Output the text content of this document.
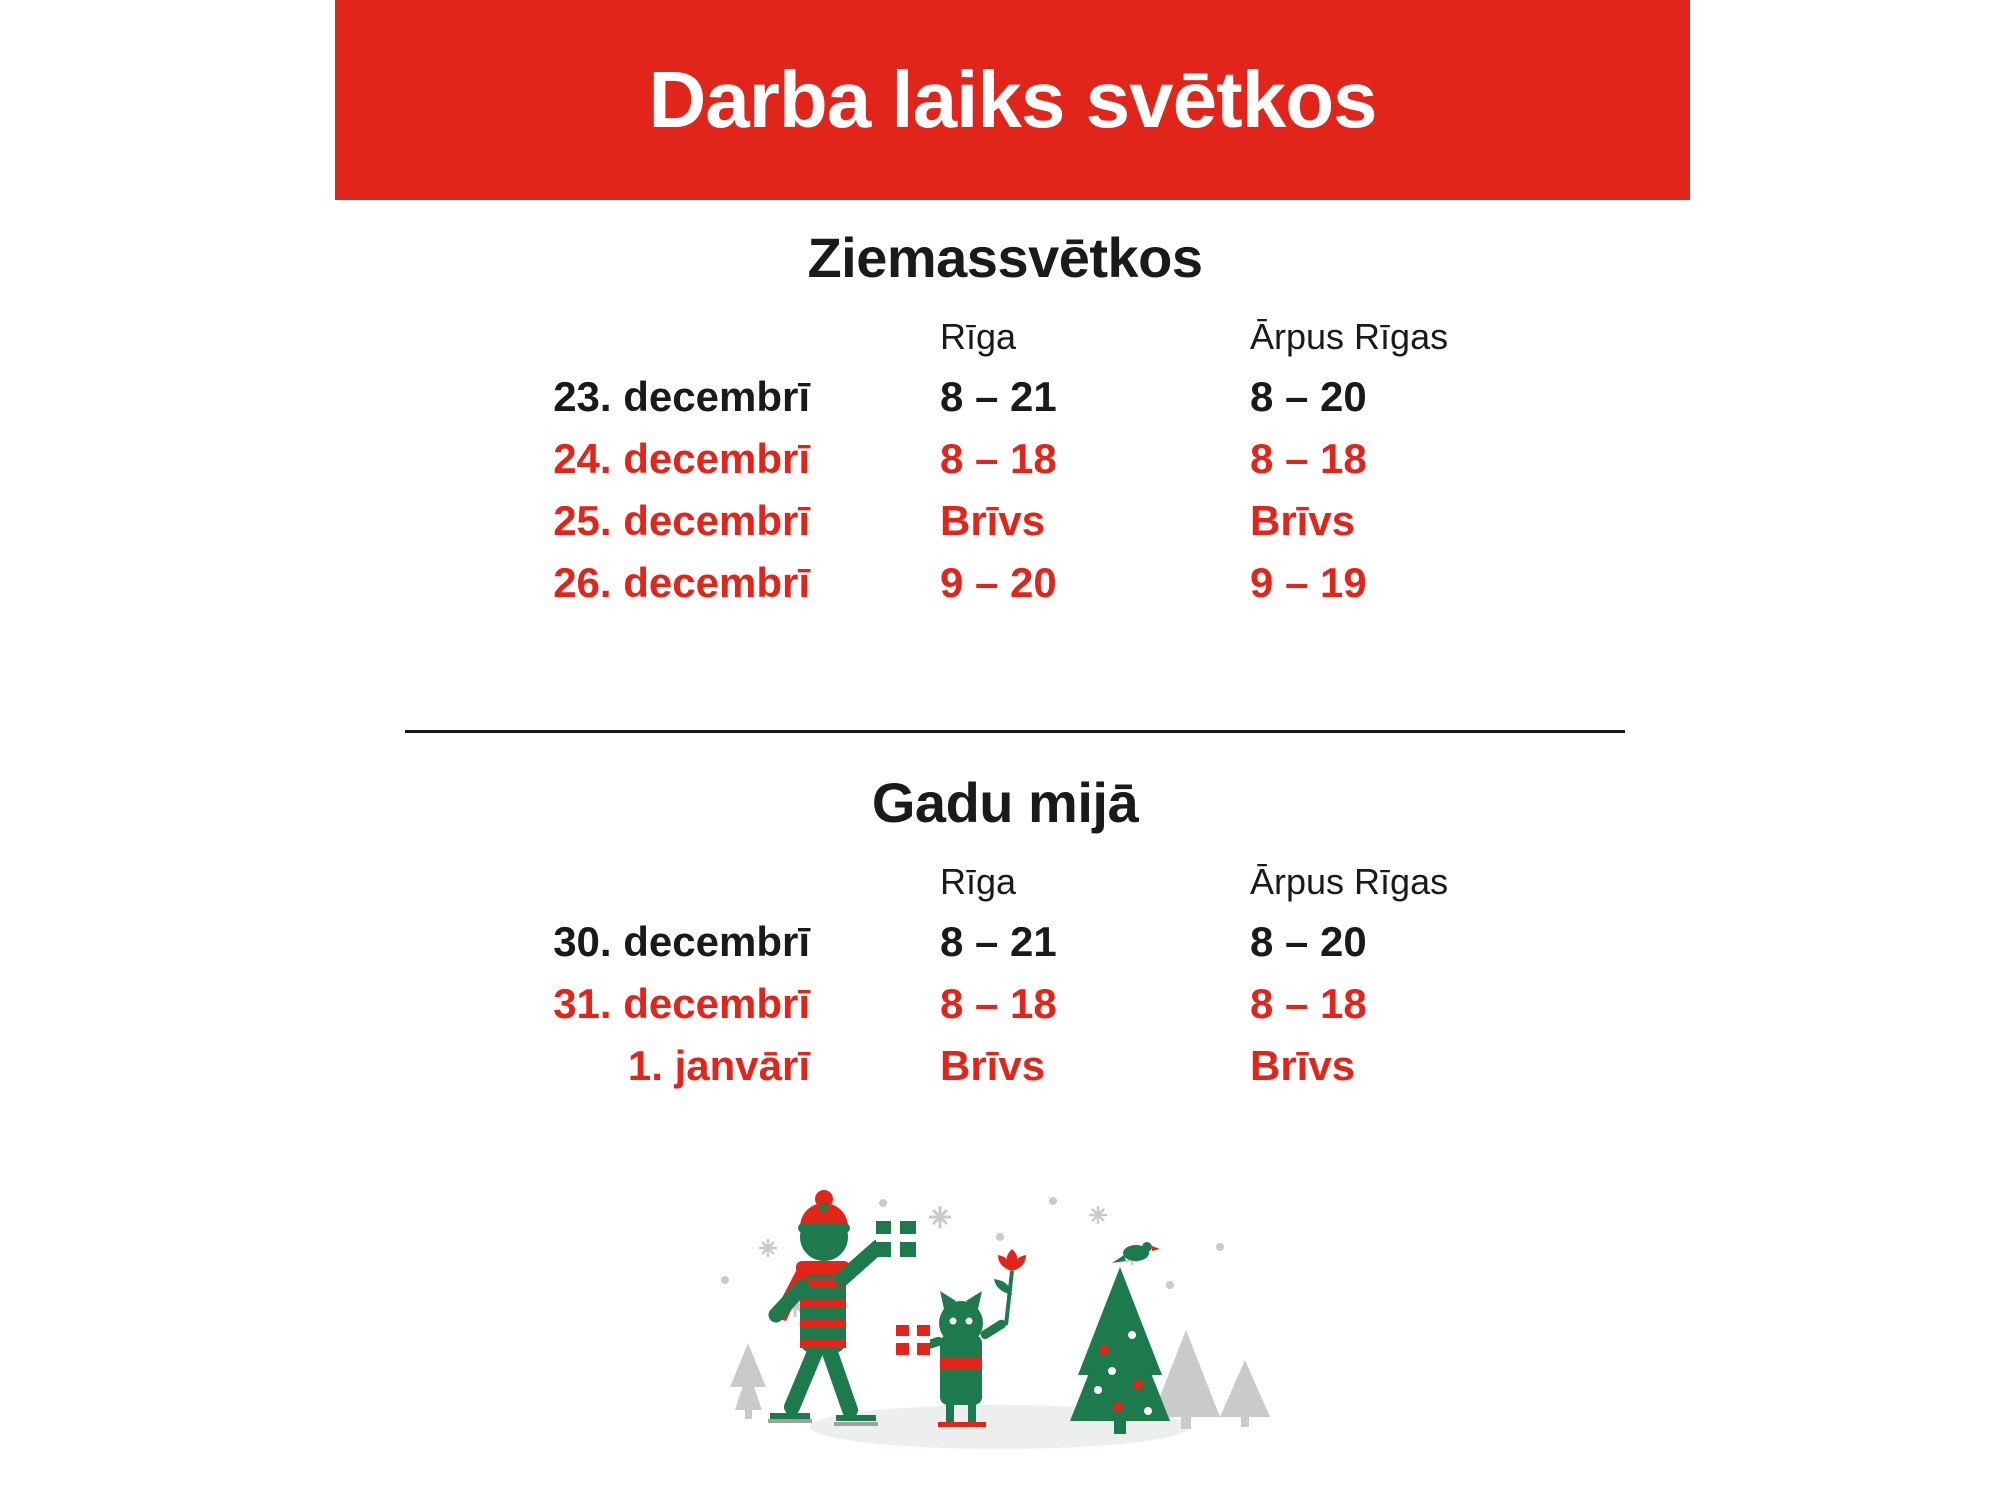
Darba laiks svētkos
Ziemassvētkos
	Rīga	Ārpus Rīgas
23. decembrī	8 – 21	8 – 20
24. decembrī	8 – 18	8 – 18
25. decembrī	Brīvs	Brīvs
26. decembrī	9 – 20	9 – 19
Gadu mijā
	Rīga	Ārpus Rīgas
30. decembrī	8 – 21	8 – 20
31. decembrī	8 – 18	8 – 18
1. janvārī	Brīvs	Brīvs
